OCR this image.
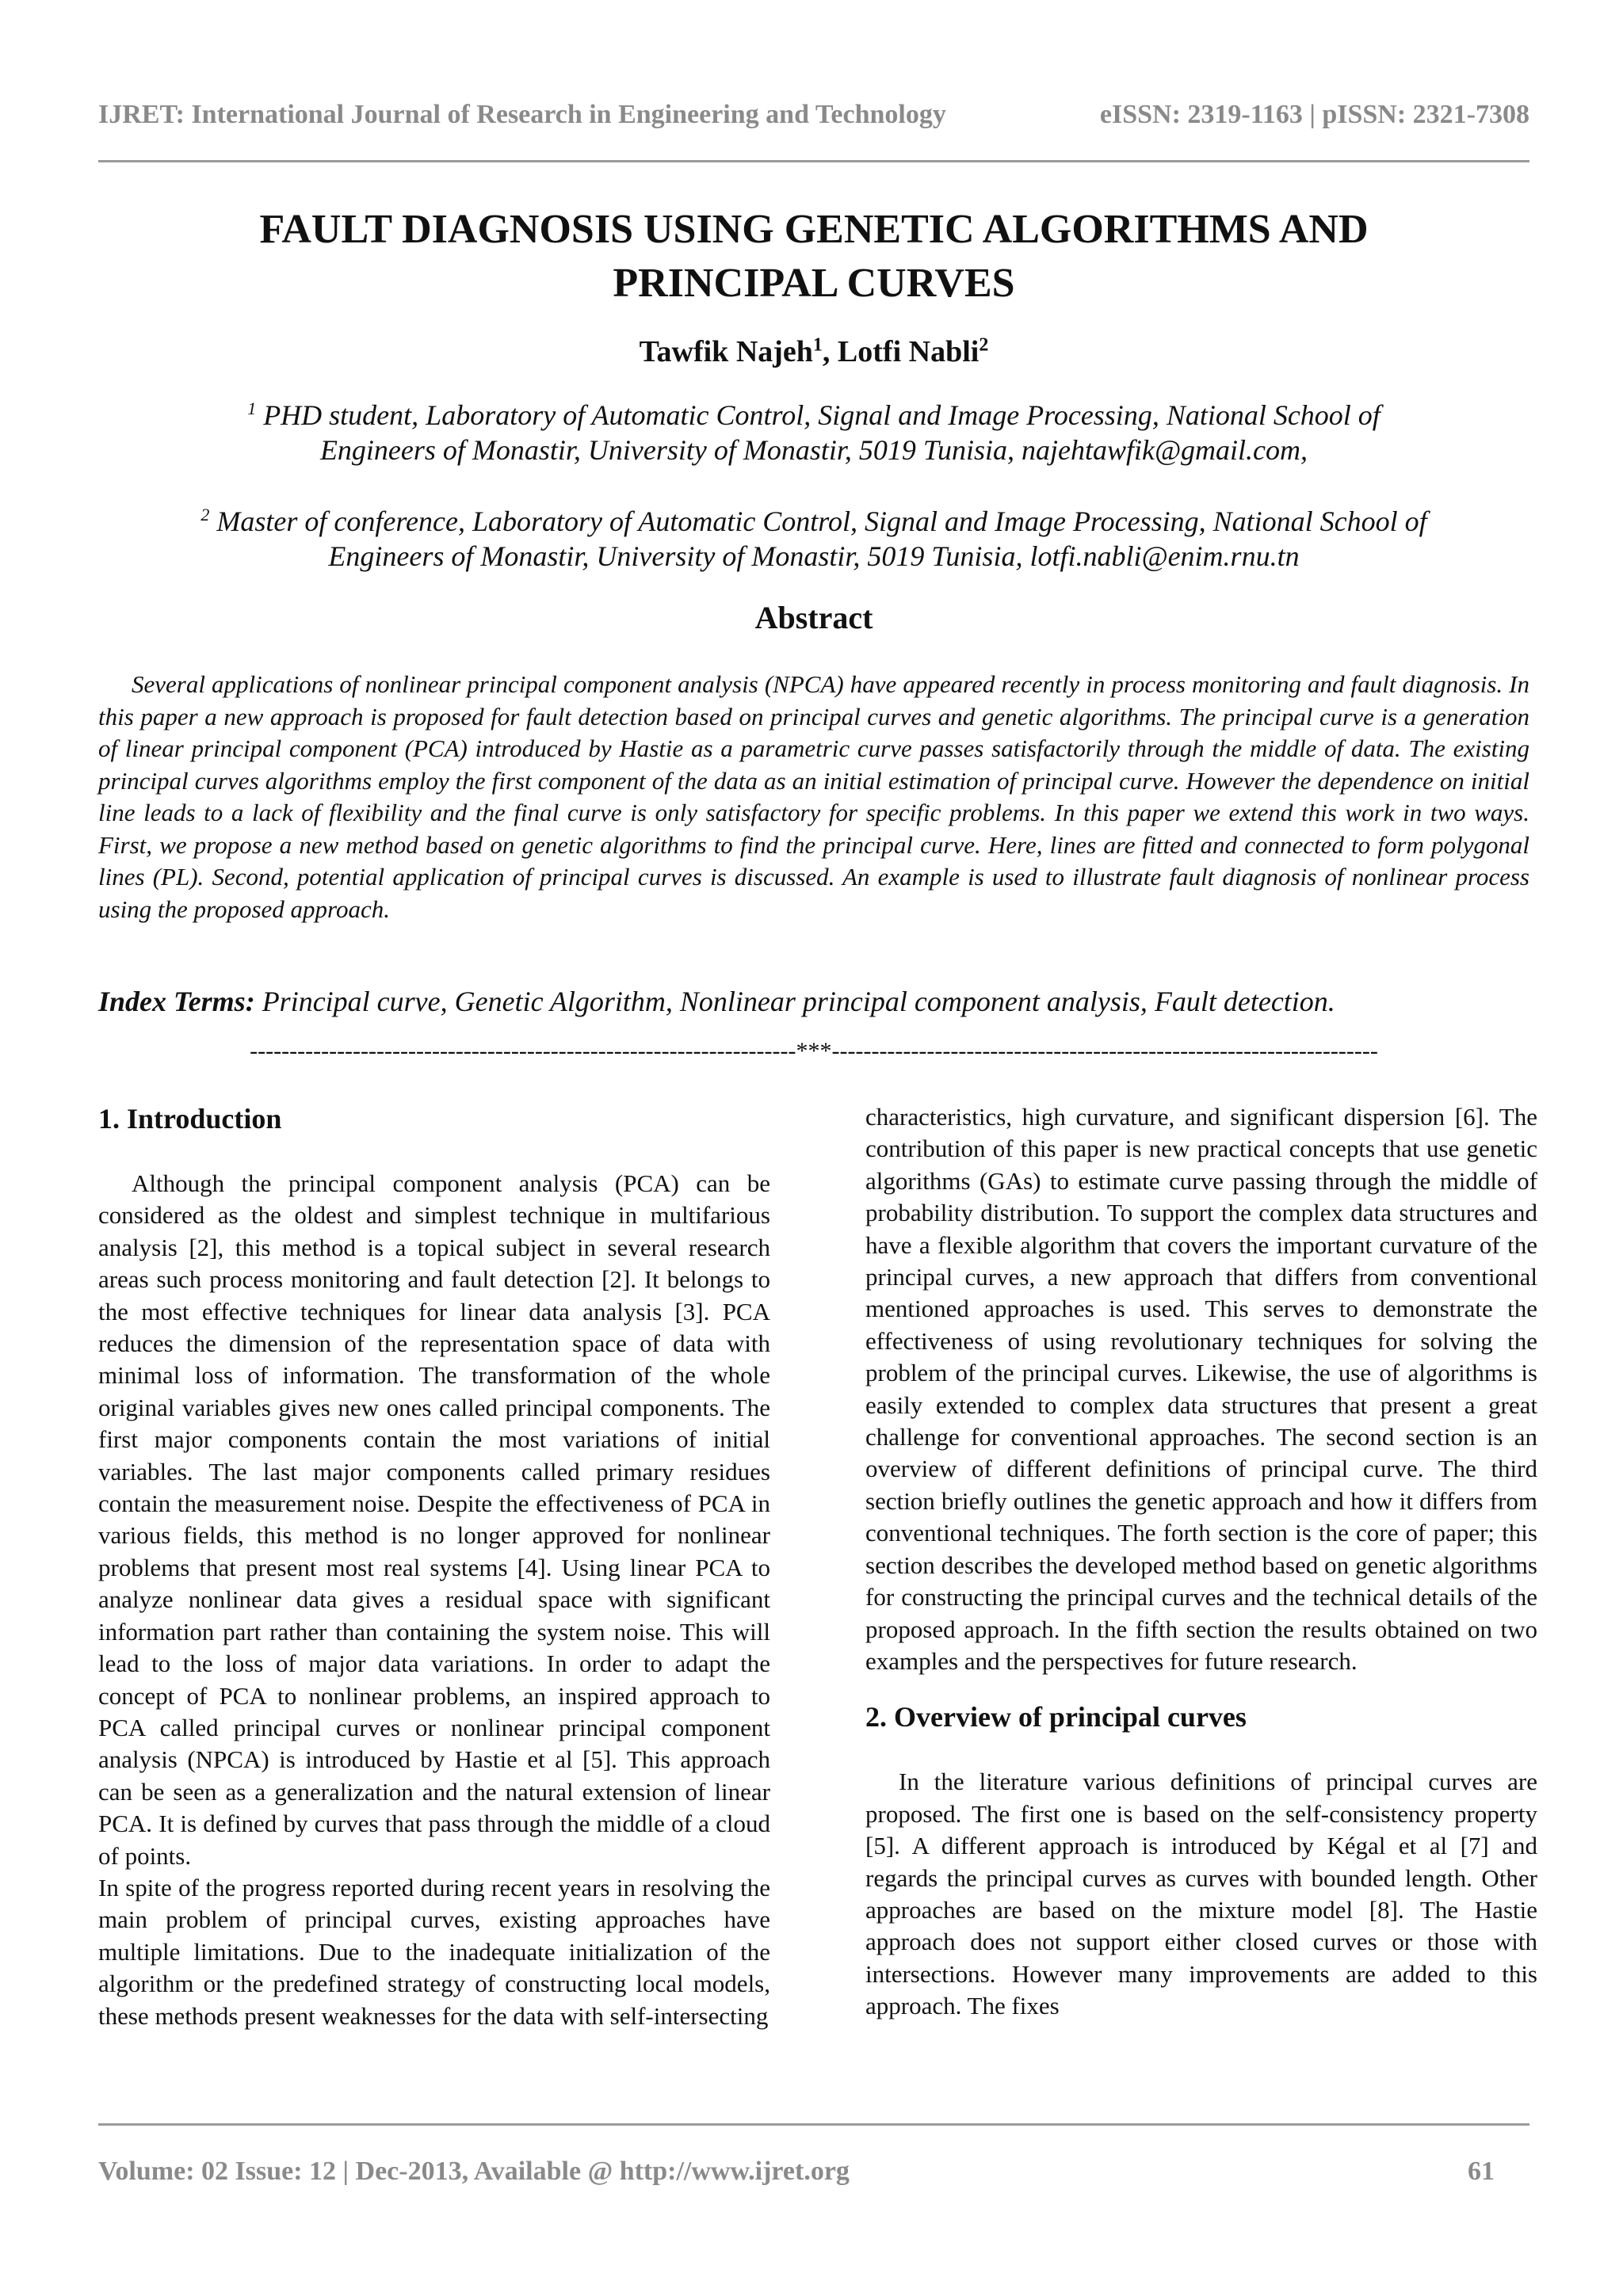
IJRET: International Journal of Research in Engineering and Technology	eISSN: 2319-1163 | pISSN: 2321-7308
FAULT DIAGNOSIS USING GENETIC ALGORITHMS AND
PRINCIPAL CURVES
Tawfik Najeh$^1$, Lotfi Nabli$^2$
$^1$ PHD student, Laboratory of Automatic Control, Signal and Image Processing, National School of
Engineers of Monastir, University of Monastir, 5019 Tunisia, najehtawfik@gmail.com,
$^2$ Master of conference, Laboratory of Automatic Control, Signal and Image Processing, National School of
Engineers of Monastir, University of Monastir, 5019 Tunisia, lotfi.nabli@enim.rnu.tn
Abstract

Several applications of nonlinear principal component analysis (NPCA) have appeared recently in process monitoring and fault diagnosis. In this paper a new approach is proposed for fault detection based on principal curves and genetic algorithms. The principal curve is a generation of linear principal component (PCA) introduced by Hastie as a parametric curve passes satisfactorily through the middle of data. The existing principal curves algorithms employ the first component of the data as an initial estimation of principal curve. However the dependence on initial line leads to a lack of flexibility and the final curve is only satisfactory for specific problems. In this paper we extend this work in two ways. First, we propose a new method based on genetic algorithms to find the principal curve. Here, lines are fitted and connected to form polygonal lines (PL). Second, potential application of principal curves is discussed. An example is used to illustrate fault diagnosis of nonlinear process using the proposed approach.

Index Terms: Principal curve, Genetic Algorithm, Nonlinear principal component analysis, Fault detection.
---------------------------------------------------------------------***---------------------------------------------------------------------
1. Introduction

Although the principal component analysis (PCA) can be considered as the oldest and simplest technique in multifarious analysis [2], this method is a topical subject in several research areas such process monitoring and fault detection [2]. It belongs to the most effective techniques for linear data analysis [3]. PCA reduces the dimension of the representation space of data with minimal loss of information. The transformation of the whole original variables gives new ones called principal components. The first major components contain the most variations of initial variables. The last major components called primary residues contain the measurement noise. Despite the effectiveness of PCA in various fields, this method is no longer approved for nonlinear problems that present most real systems [4]. Using linear PCA to analyze nonlinear data gives a residual space with significant information part rather than containing the system noise. This will lead to the loss of major data variations. In order to adapt the concept of PCA to nonlinear problems, an inspired approach to PCA called principal curves or nonlinear principal component analysis (NPCA) is introduced by Hastie et al [5]. This approach can be seen as a generalization and the natural extension of linear PCA. It is defined by curves that pass through the middle of a cloud of points.

In spite of the progress reported during recent years in resolving the main problem of principal curves, existing approaches have multiple limitations. Due to the inadequate initialization of the algorithm or the predefined strategy of constructing local models, these methods present weaknesses for the data with self-intersecting

characteristics, high curvature, and significant dispersion [6]. The contribution of this paper is new practical concepts that use genetic algorithms (GAs) to estimate curve passing through the middle of probability distribution. To support the complex data structures and have a flexible algorithm that covers the important curvature of the principal curves, a new approach that differs from conventional mentioned approaches is used. This serves to demonstrate the effectiveness of using revolutionary techniques for solving the problem of the principal curves. Likewise, the use of algorithms is easily extended to complex data structures that present a great challenge for conventional approaches. The second section is an overview of different definitions of principal curve. The third section briefly outlines the genetic approach and how it differs from conventional techniques. The forth section is the core of paper; this section describes the developed method based on genetic algorithms for constructing the principal curves and the technical details of the proposed approach. In the fifth section the results obtained on two examples and the perspectives for future research.

2. Overview of principal curves

In the literature various definitions of principal curves are proposed. The first one is based on the self-consistency property [5]. A different approach is introduced by Kégal et al [7] and regards the principal curves as curves with bounded length. Other approaches are based on the mixture model [8]. The Hastie approach does not support either closed curves or those with intersections. However many improvements are added to this approach. The fixes

Volume: 02 Issue: 12 | Dec-2013, Available @ http://www.ijret.org	61
